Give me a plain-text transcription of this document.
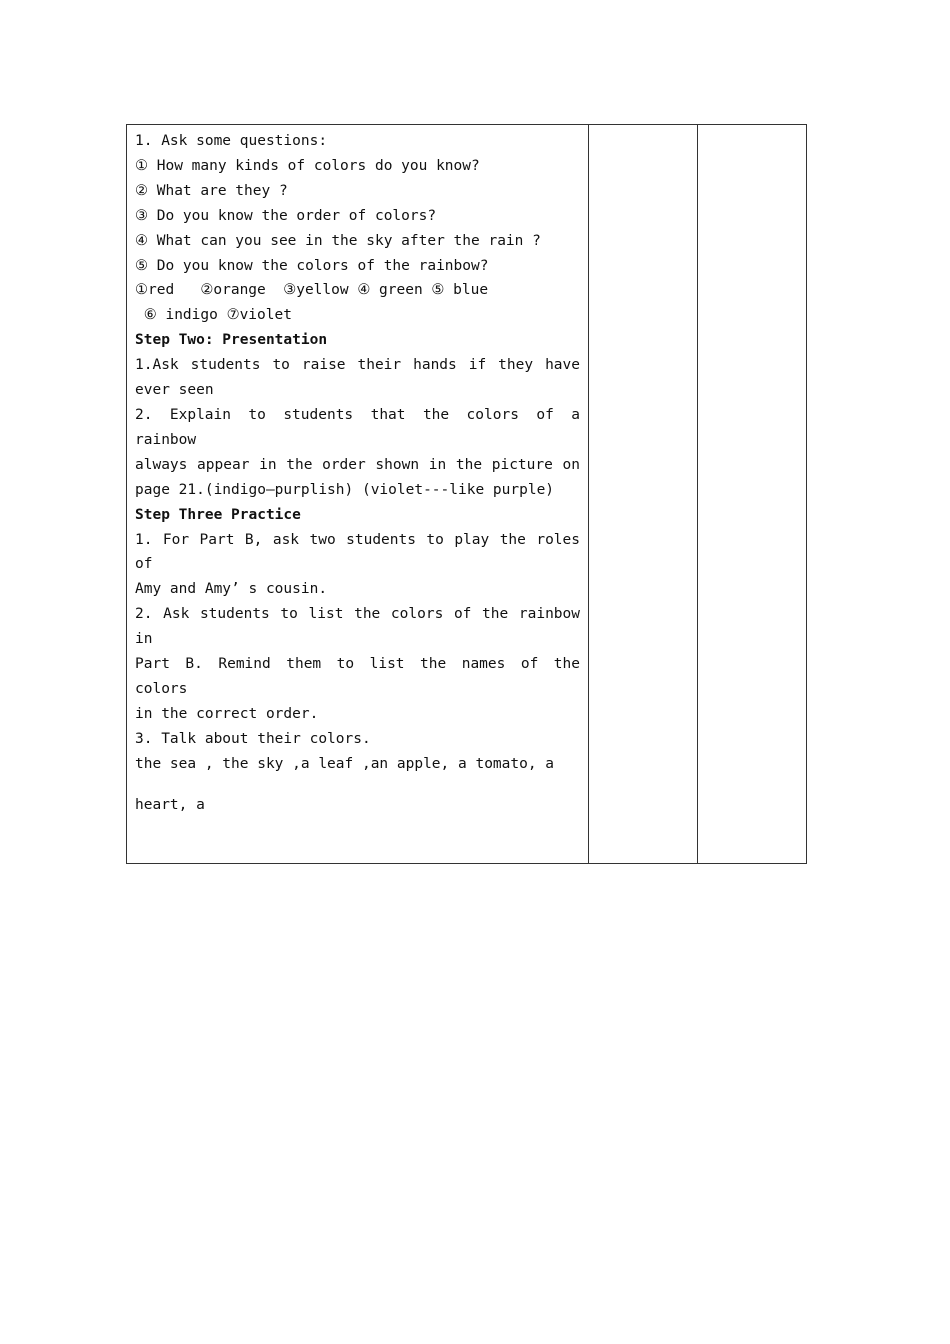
1. Ask some questions:
① How many kinds of colors do you know?
② What are they ?
③ Do you know the order of colors?
④ What can you see in the sky after the rain ?
⑤ Do you know the colors of the rainbow?
①red   ②orange  ③yellow ④ green ⑤ blue
⑥ indigo ⑦violet
Step Two: Presentation
1.Ask students to raise their hands if they have
ever seen
2. Explain to students that the colors of a rainbow
always appear in the order shown in the picture on
page 21.(indigo—purplish) (violet---like purple)
Step Three Practice
1. For Part B, ask two students to play the roles of
Amy and Amy’ s cousin.
2. Ask students to list the colors of the rainbow in
Part B. Remind them to list the names of the colors
in the correct order.
3. Talk about their colors.
the sea , the sky ,a leaf ,an apple, a tomato, a
heart, a
